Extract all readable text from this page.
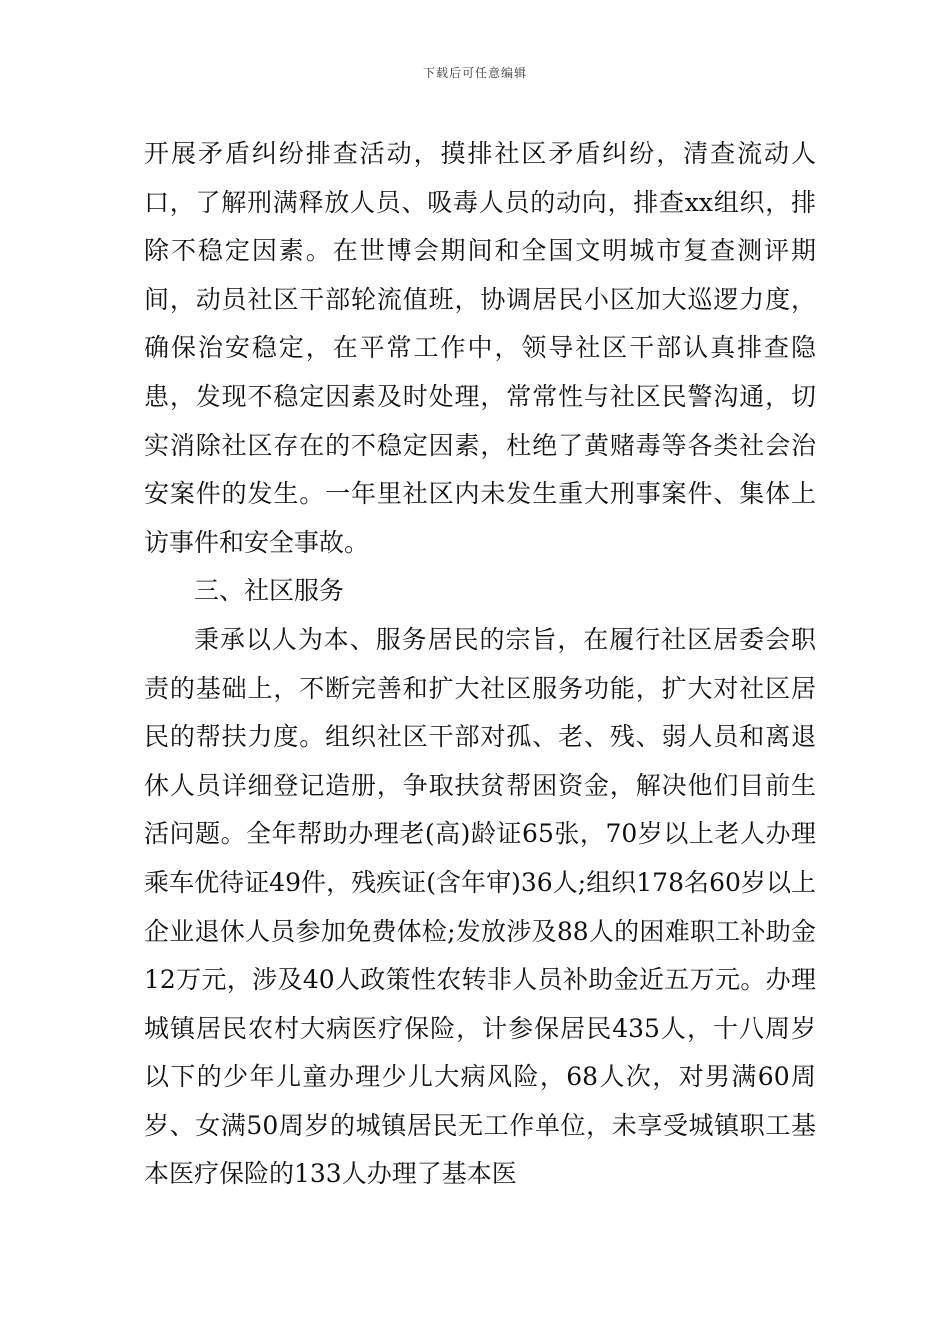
下载后可任意编辑

开展矛盾纠纷排查活动，摸排社区矛盾纠纷，清查流动人口，了解刑满释放人员、吸毒人员的动向，排查xx组织，排除不稳定因素。在世博会期间和全国文明城市复查测评期间，动员社区干部轮流值班，协调居民小区加大巡逻力度，确保治安稳定，在平常工作中，领导社区干部认真排查隐患，发现不稳定因素及时处理，常常性与社区民警沟通，切实消除社区存在的不稳定因素，杜绝了黄赌毒等各类社会治安案件的发生。一年里社区内未发生重大刑事案件、集体上访事件和安全事故。

三、社区服务

秉承以人为本、服务居民的宗旨，在履行社区居委会职责的基础上，不断完善和扩大社区服务功能，扩大对社区居民的帮扶力度。组织社区干部对孤、老、残、弱人员和离退休人员详细登记造册，争取扶贫帮困资金，解决他们目前生活问题。全年帮助办理老(高)龄证65张，70岁以上老人办理乘车优待证49件，残疾证(含年审)36人;组织178名60岁以上企业退休人员参加免费体检;发放涉及88人的困难职工补助金12万元，涉及40人政策性农转非人员补助金近五万元。办理城镇居民农村大病医疗保险，计参保居民435人，十八周岁以下的少年儿童办理少儿大病风险，68人次，对男满60周岁、女满50周岁的城镇居民无工作单位，未享受城镇职工基本医疗保险的133人办理了基本医
